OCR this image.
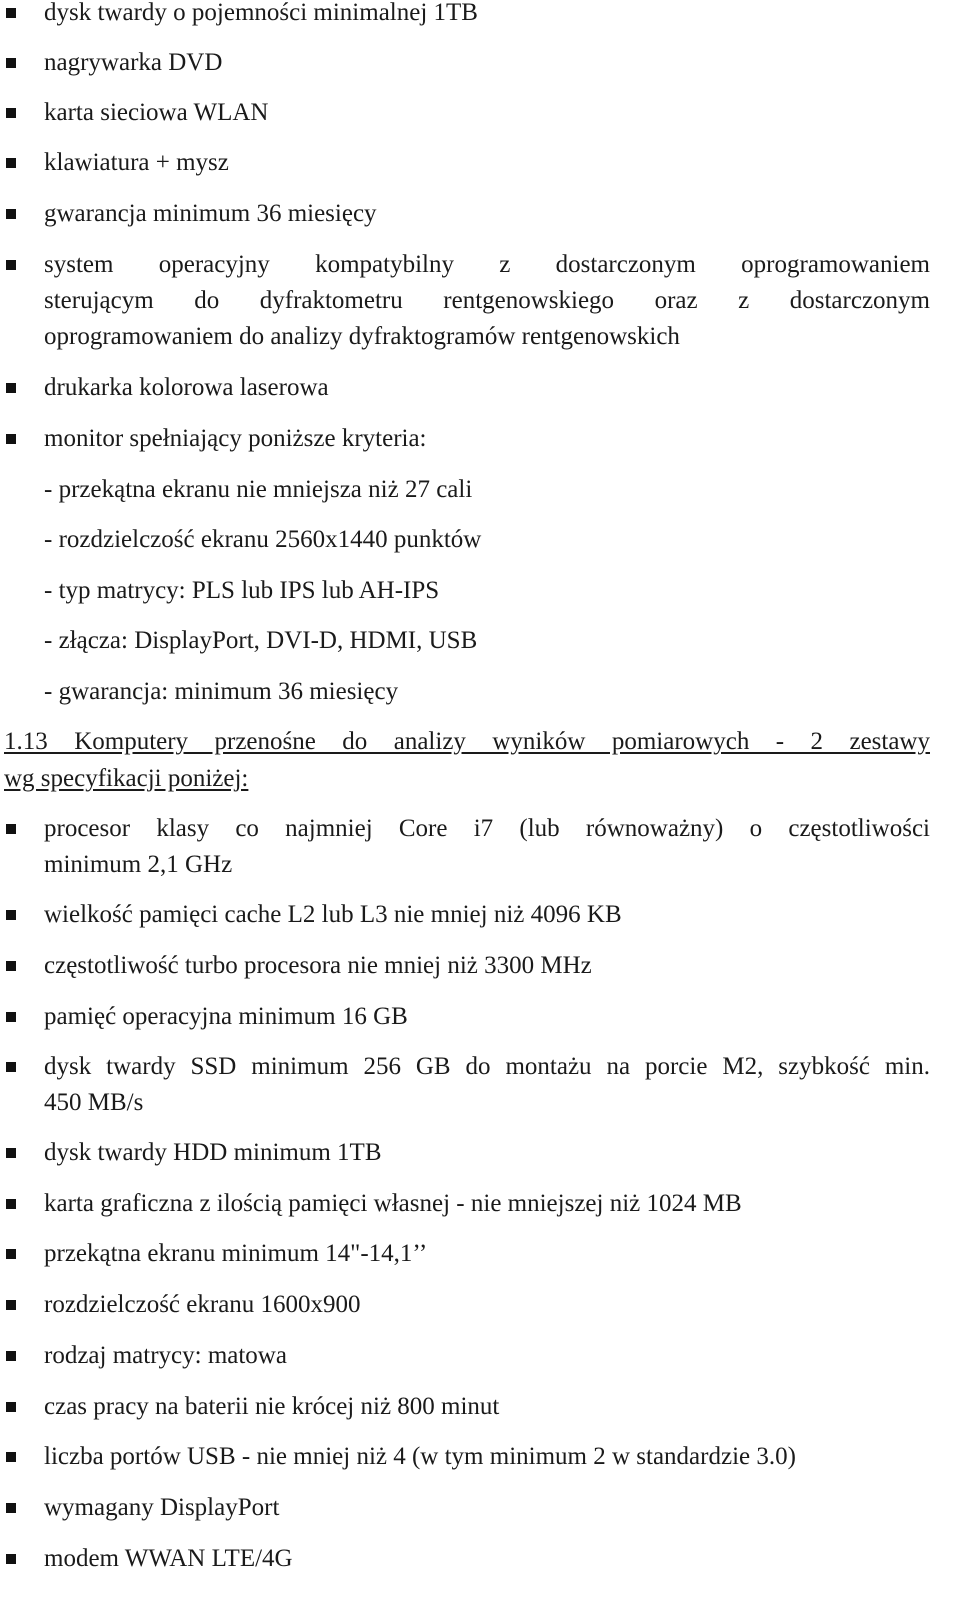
dysk twardy o pojemności minimalnej 1TB
nagrywarka DVD
karta sieciowa WLAN
klawiatura + mysz
gwarancja minimum 36 miesięcy
system operacyjny kompatybilny z dostarczonym oprogramowaniem
sterującym do dyfraktometru rentgenowskiego oraz z dostarczonym
oprogramowaniem do analizy dyfraktogramów rentgenowskich
drukarka kolorowa laserowa
monitor spełniający poniższe kryteria:
- przekątna ekranu nie mniejsza niż 27 cali
- rozdzielczość ekranu 2560x1440 punktów
- typ matrycy: PLS lub IPS lub AH-IPS
- złącza: DisplayPort, DVI-D, HDMI, USB
- gwarancja: minimum 36 miesięcy
1.13 Komputery przenośne do analizy wyników pomiarowych - 2 zestawy
wg specyfikacji poniżej:
procesor klasy co najmniej Core i7 (lub równoważny) o częstotliwości
minimum 2,1 GHz
wielkość pamięci cache L2 lub L3 nie mniej niż 4096 KB
częstotliwość turbo procesora nie mniej niż 3300 MHz
pamięć operacyjna minimum 16 GB
dysk twardy SSD minimum 256 GB do montażu na porcie M2, szybkość min.
450 MB/s
dysk twardy HDD minimum 1TB
karta graficzna z ilością pamięci własnej - nie mniejszej niż 1024 MB
przekątna ekranu minimum 14"-14,1’’
rozdzielczość ekranu 1600x900
rodzaj matrycy: matowa
czas pracy na baterii nie krócej niż 800 minut
liczba portów USB - nie mniej niż 4 (w tym minimum 2 w standardzie 3.0)
wymagany DisplayPort
modem WWAN LTE/4G
